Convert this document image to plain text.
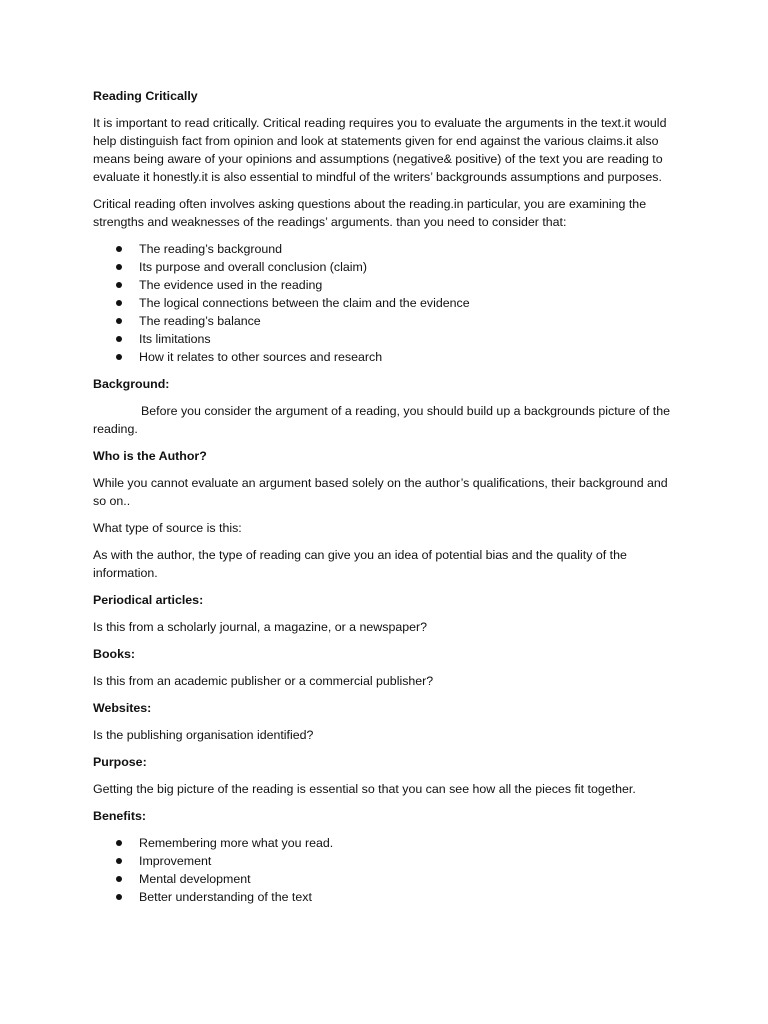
Reading Critically

It is important to read critically. Critical reading requires you to evaluate the arguments in the text.it would help distinguish fact from opinion and look at statements given for end against the various claims.it also means being aware of your opinions and assumptions (negative& positive) of the text you are reading to evaluate it honestly.it is also essential to mindful of the writers’ backgrounds assumptions and purposes.

Critical reading often involves asking questions about the reading.in particular, you are examining the strengths and weaknesses of the readings’ arguments. than you need to consider that:

The reading’s background
Its purpose and overall conclusion (claim)
The evidence used in the reading
The logical connections between the claim and the evidence
The reading’s balance
Its limitations
How it relates to other sources and research

Background:

Before you consider the argument of a reading, you should build up a backgrounds picture of the reading.

Who is the Author?

While you cannot evaluate an argument based solely on the author’s qualifications, their background and so on..

What type of source is this:

As with the author, the type of reading can give you an idea of potential bias and the quality of the information.

Periodical articles:

Is this from a scholarly journal, a magazine, or a newspaper?

Books:

Is this from an academic publisher or a commercial publisher?

Websites:

Is the publishing organisation identified?

Purpose:

Getting the big picture of the reading is essential so that you can see how all the pieces fit together.

Benefits:

Remembering more what you read.
Improvement
Mental development
Better understanding of the text
